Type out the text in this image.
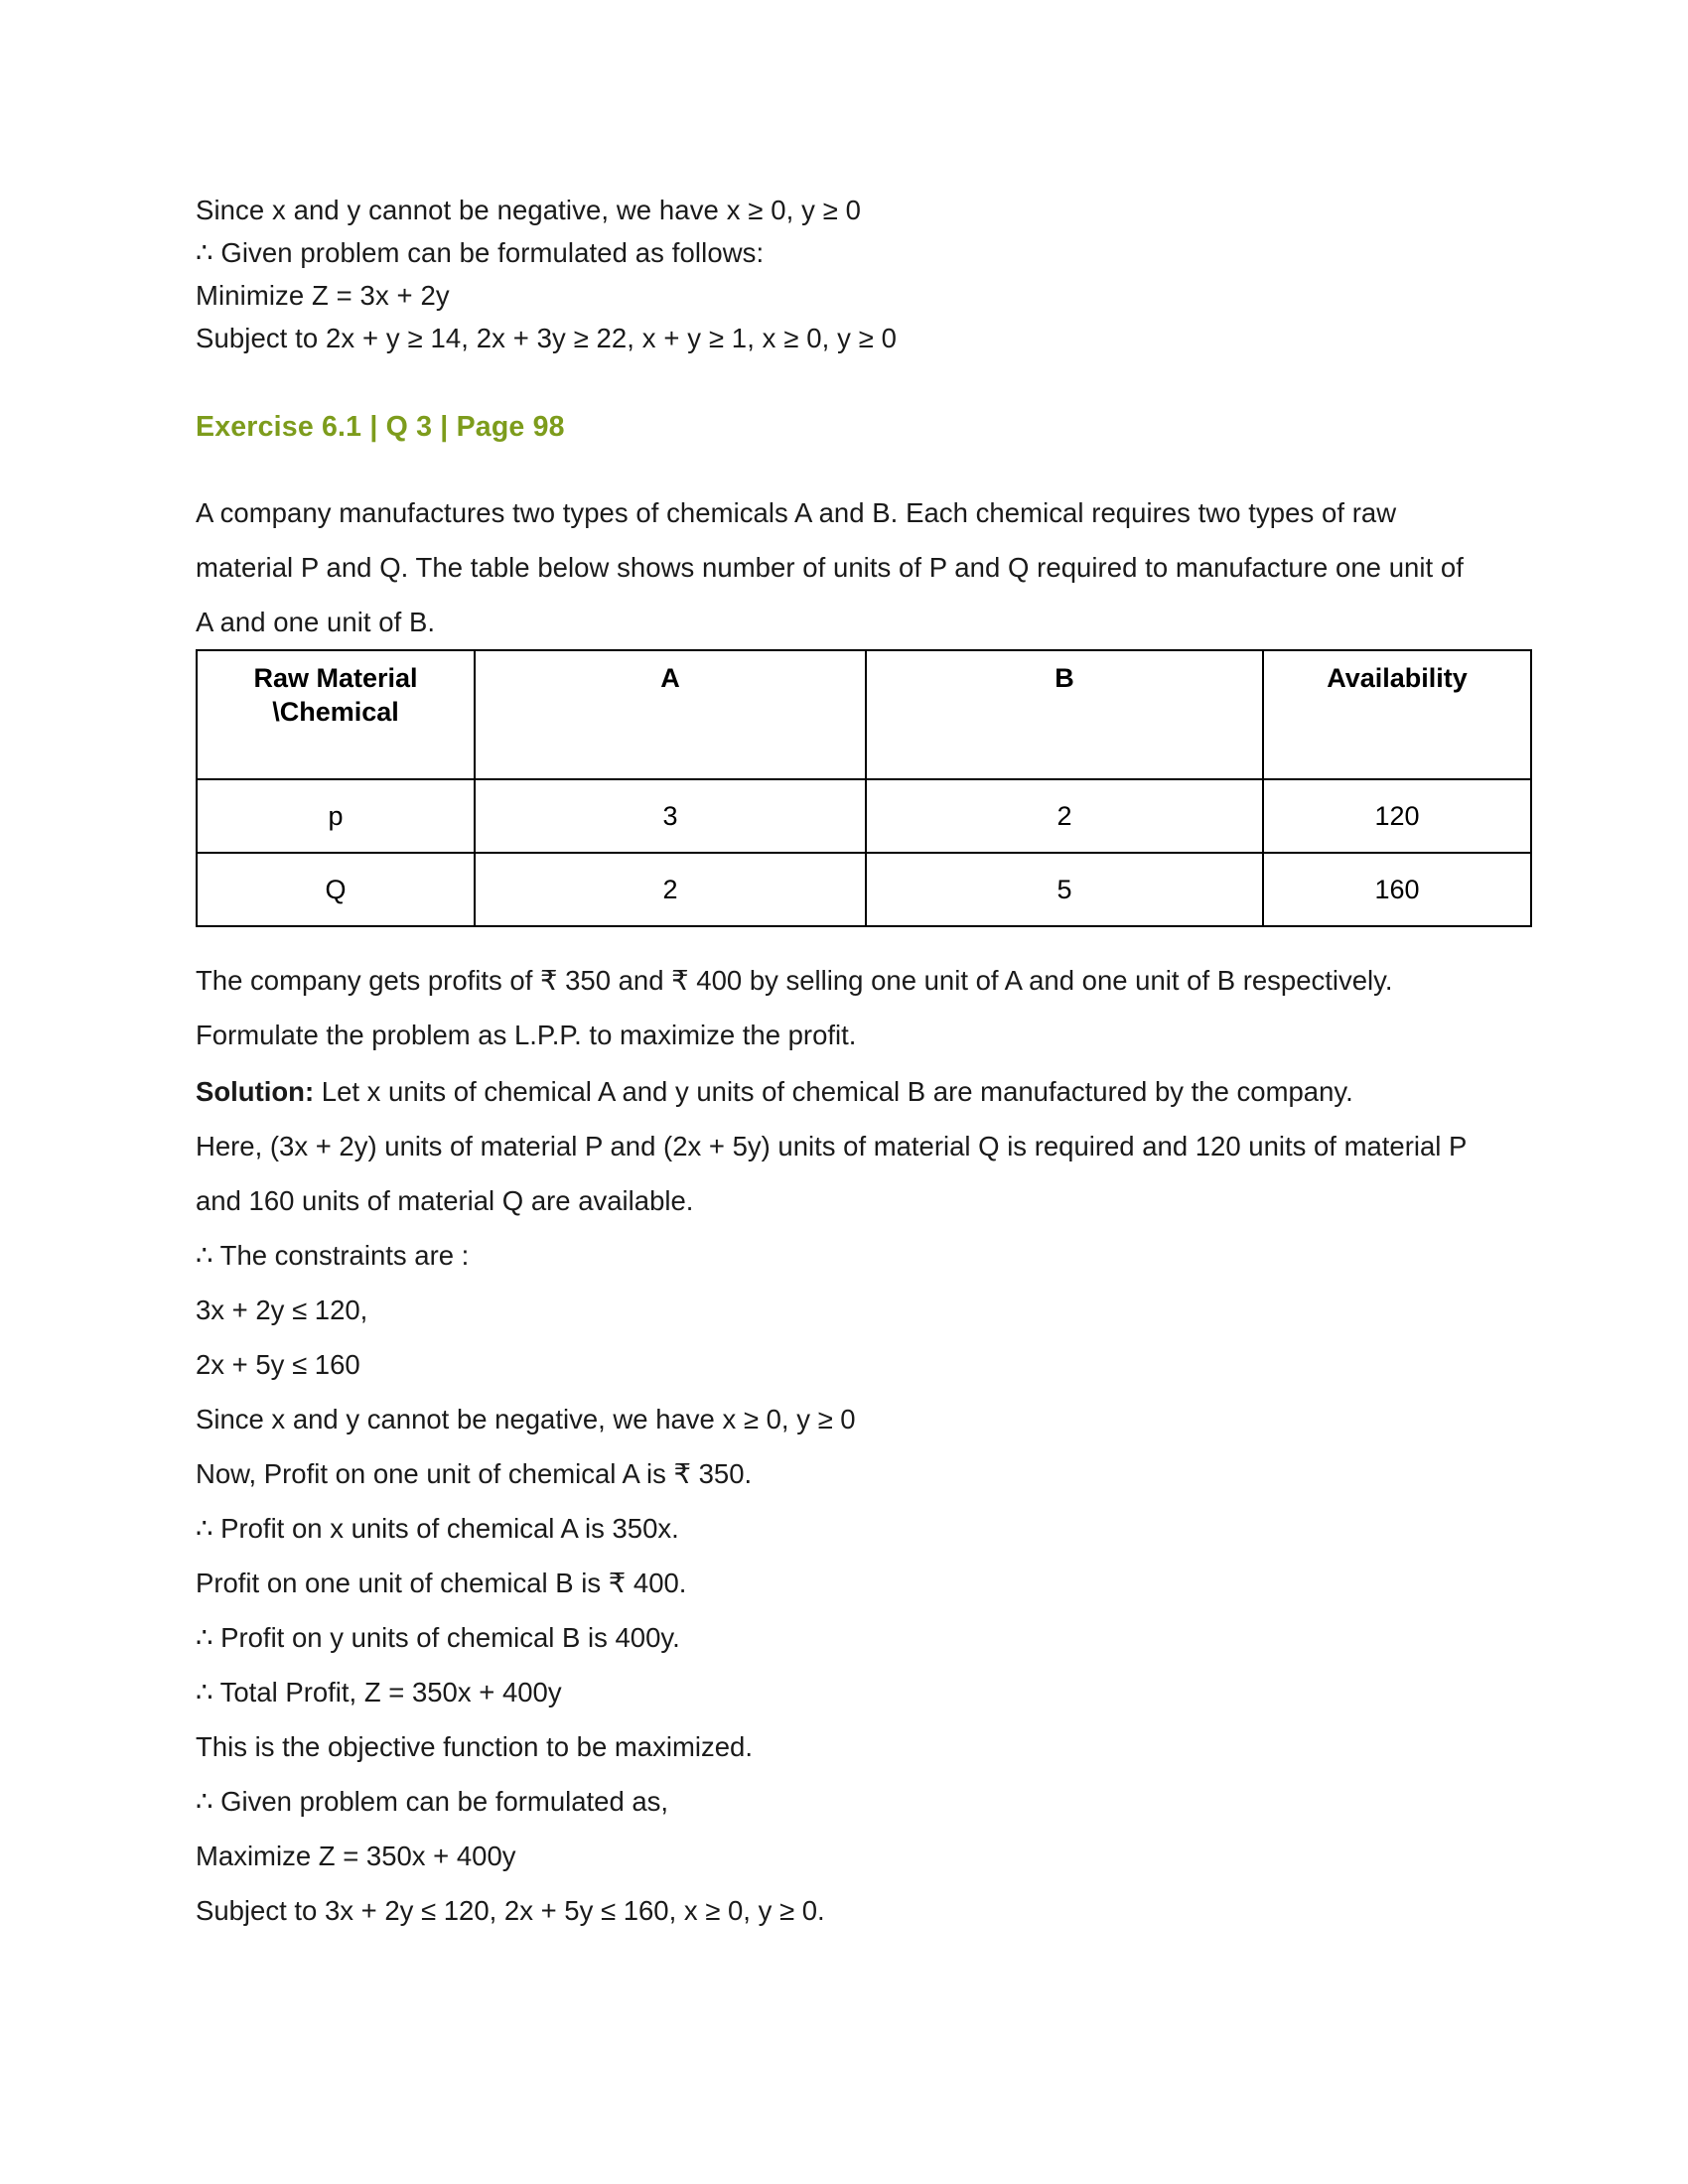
Since x and y cannot be negative, we have x ≥ 0, y ≥ 0
∴ Given problem can be formulated as follows:
Minimize Z = 3x + 2y
Subject to 2x + y ≥ 14, 2x + 3y ≥ 22, x + y ≥ 1, x ≥ 0, y ≥ 0
Exercise 6.1 | Q 3 | Page 98
A company manufactures two types of chemicals A and B. Each chemical requires two types of raw material P and Q. The table below shows number of units of P and Q required to manufacture one unit of A and one unit of B.
Raw Material
\Chemical	A	B	Availability
p	3	2	120
Q	2	5	160
The company gets profits of ₹ 350 and ₹ 400 by selling one unit of A and one unit of B respectively. Formulate the problem as L.P.P. to maximize the profit.
Solution: Let x units of chemical A and y units of chemical B are manufactured by the company.
Here, (3x + 2y) units of material P and (2x + 5y) units of material Q is required and 120 units of material P and 160 units of material Q are available.
∴ The constraints are :
3x + 2y ≤ 120,
2x + 5y ≤ 160
Since x and y cannot be negative, we have x ≥ 0, y ≥ 0
Now, Profit on one unit of chemical A is ₹ 350.
∴ Profit on x units of chemical A is 350x.
Profit on one unit of chemical B is ₹ 400.
∴ Profit on y units of chemical B is 400y.
∴ Total Profit, Z = 350x + 400y
This is the objective function to be maximized.
∴ Given problem can be formulated as,
Maximize Z = 350x + 400y
Subject to 3x + 2y ≤ 120, 2x + 5y ≤ 160, x ≥ 0, y ≥ 0.
